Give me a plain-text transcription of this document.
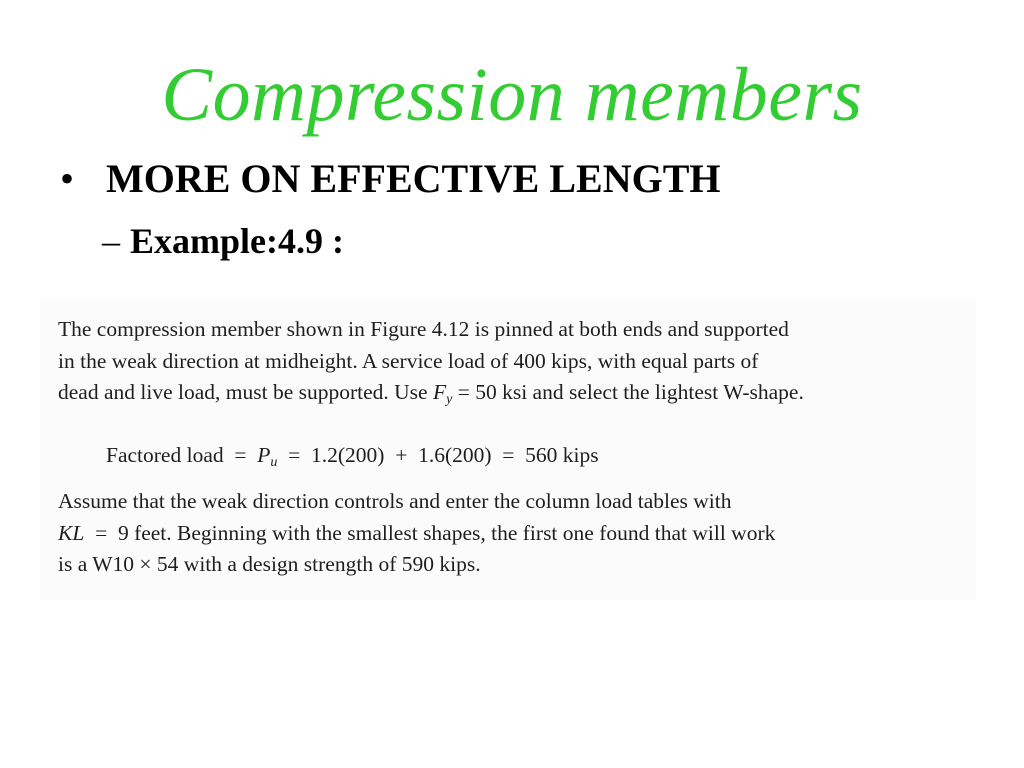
Compression members
• MORE ON EFFECTIVE LENGTH
– Example:4.9 :
The compression member shown in Figure 4.12 is pinned at both ends and supported
in the weak direction at midheight. A service load of 400 kips, with equal parts of
dead and live load, must be supported. Use $F_y = 50$ ksi and select the lightest W-shape.
Factored load  =  $P_u = 1.2(200) + 1.6(200) = 560$ kips
Assume that the weak direction controls and enter the column load tables with
KL  =  9 feet. Beginning with the smallest shapes, the first one found that will work
is a W10 × 54 with a design strength of 590 kips.
